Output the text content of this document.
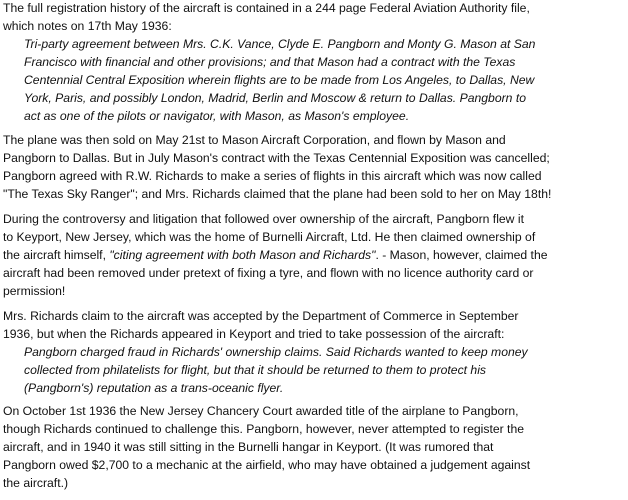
The full registration history of the aircraft is contained in a 244 page Federal Aviation Authority file,
which notes on 17th May 1936:
Tri-party agreement between Mrs. C.K. Vance, Clyde E. Pangborn and Monty G. Mason at San
Francisco with financial and other provisions; and that Mason had a contract with the Texas
Centennial Central Exposition wherein flights are to be made from Los Angeles, to Dallas, New
York, Paris, and possibly London, Madrid, Berlin and Moscow & return to Dallas. Pangborn to
act as one of the pilots or navigator, with Mason, as Mason's employee.
The plane was then sold on May 21st to Mason Aircraft Corporation, and flown by Mason and
Pangborn to Dallas. But in July Mason's contract with the Texas Centennial Exposition was cancelled;
Pangborn agreed with R.W. Richards to make a series of flights in this aircraft which was now called
"The Texas Sky Ranger"; and Mrs. Richards claimed that the plane had been sold to her on May 18th!
During the controversy and litigation that followed over ownership of the aircraft, Pangborn flew it
to Keyport, New Jersey, which was the home of Burnelli Aircraft, Ltd. He then claimed ownership of
the aircraft himself, "citing agreement with both Mason and Richards". - Mason, however, claimed the
aircraft had been removed under pretext of fixing a tyre, and flown with no licence authority card or
permission!
Mrs. Richards claim to the aircraft was accepted by the Department of Commerce in September
1936, but when the Richards appeared in Keyport and tried to take possession of the aircraft:
Pangborn charged fraud in Richards' ownership claims. Said Richards wanted to keep money
collected from philatelists for flight, but that it should be returned to them to protect his
(Pangborn's) reputation as a trans-oceanic flyer.
On October 1st 1936 the New Jersey Chancery Court awarded title of the airplane to Pangborn,
though Richards continued to challenge this. Pangborn, however, never attempted to register the
aircraft, and in 1940 it was still sitting in the Burnelli hangar in Keyport. (It was rumored that
Pangborn owed $2,700 to a mechanic at the airfield, who may have obtained a judgement against
the aircraft.)
